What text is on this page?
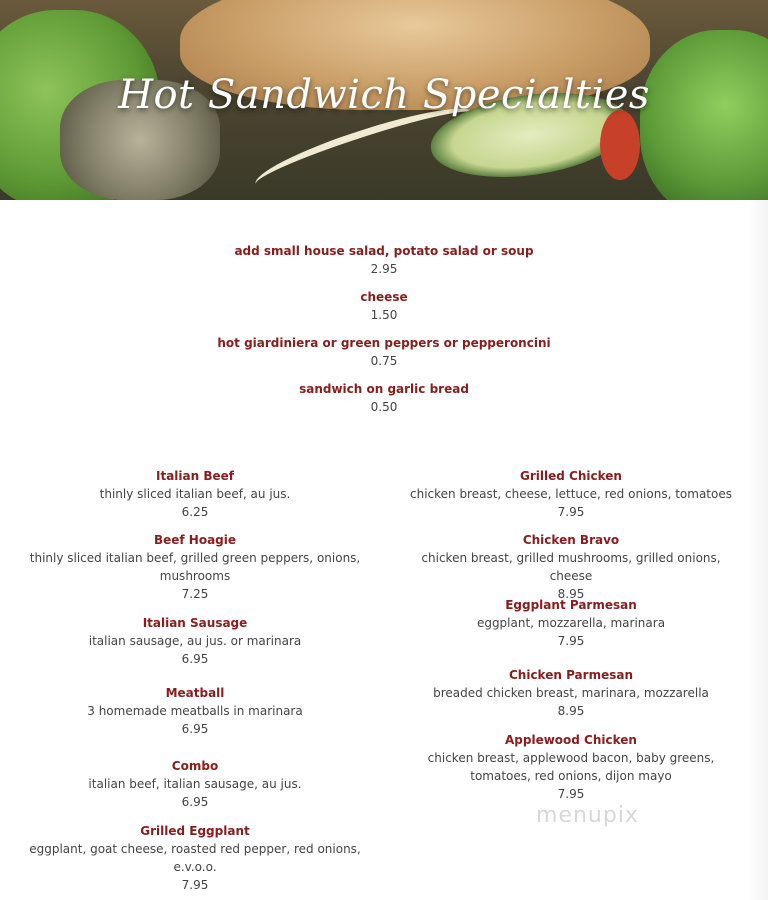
Hot Sandwich Specialties
add small house salad, potato salad or soup
2.95
cheese
1.50
hot giardiniera or green peppers or pepperoncini
0.75
sandwich on garlic bread
0.50
Italian Beef
thinly sliced italian beef, au jus.
6.25
Beef Hoagie
thinly sliced italian beef, grilled green peppers, onions, mushrooms
7.25
Italian Sausage
italian sausage, au jus. or marinara
6.95
Meatball
3 homemade meatballs in marinara
6.95
Combo
italian beef, italian sausage, au jus.
6.95
Grilled Eggplant
eggplant, goat cheese, roasted red pepper, red onions, e.v.o.o.
7.95
Grilled Chicken
chicken breast, cheese, lettuce, red onions, tomatoes
7.95
Chicken Bravo
chicken breast, grilled mushrooms, grilled onions, cheese
8.95
Eggplant Parmesan
eggplant, mozzarella, marinara
7.95
Chicken Parmesan
breaded chicken breast, marinara, mozzarella
8.95
Applewood Chicken
chicken breast, applewood bacon, baby greens, tomatoes, red onions, dijon mayo
7.95
menupix
